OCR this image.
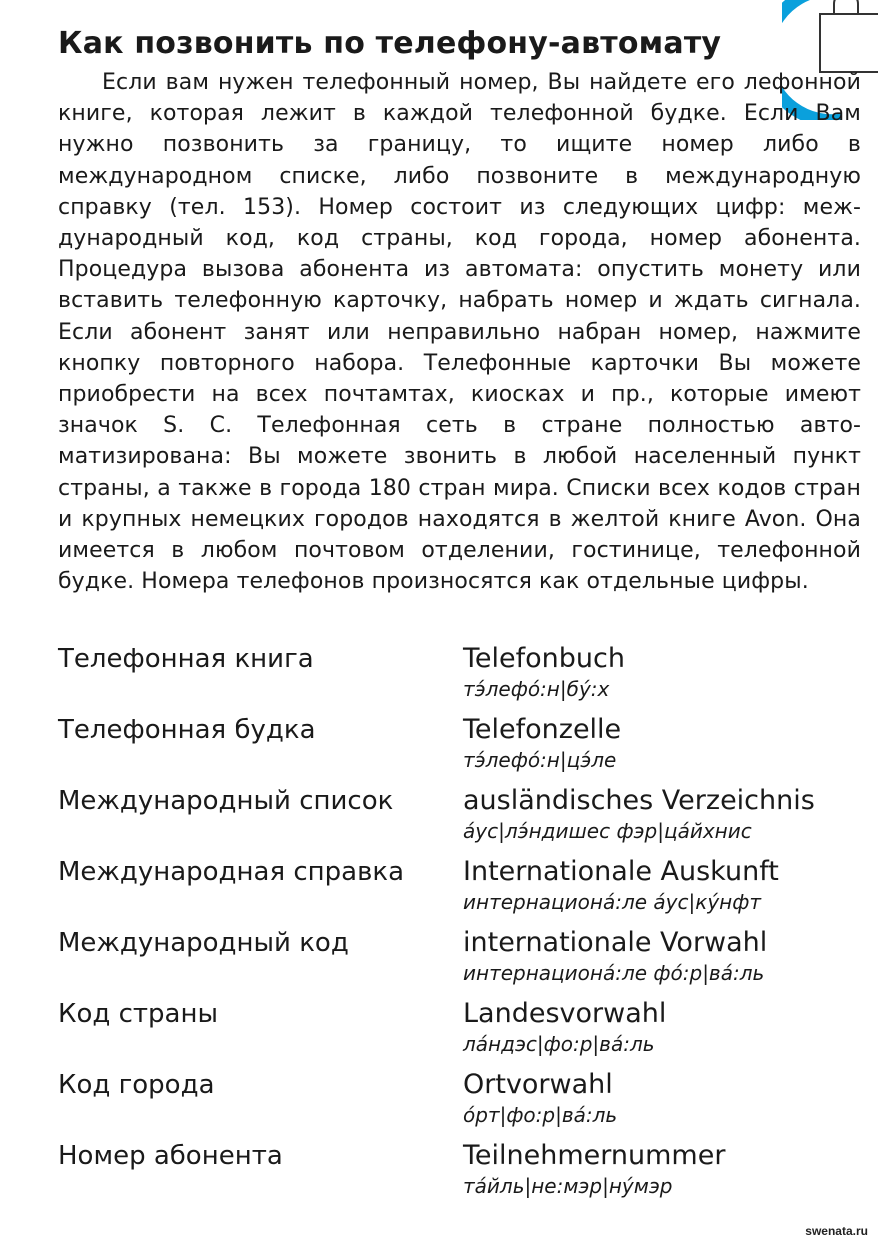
Как позвонить по телефону-автомату

Если вам нужен телефонный номер, Вы найдете его лефонной книге, которая лежит в каждой телефонной будке. Если Вам нужно позвонить за границу, то ищите номер либо в международном списке, либо позвоните в международную справку (тел. 153). Номер состоит из следующих цифр: международный код, код страны, код города, номер абонента. Процедура вызова абонента из автомата: опустить монету или вставить телефонную карточку, набрать номер и ждать сигнала. Если абонент занят или неправильно набран номер, нажмите кнопку повторного набора. Телефонные карточки Вы можете приобрести на всех почтамтах, киосках и пр., которые имеют значок S. C. Телефонная сеть в стране полностью автоматизирована: Вы можете звонить в любой населенный пункт страны, а также в города 180 стран мира. Списки всех кодов стран и крупных немецких городов находятся в желтой книге Avon. Она имеется в любом почтовом отделении, гостинице, телефонной будке. Номера телефонов произносятся как отдельные цифры.

Телефонная книга	Telefonbuch
тэ́лефо́:н|бу́:х
Телефонная будка	Telefonzelle
тэ́лефо́:н|цэ́ле
Международный список	ausländisches Verzeichnis
а́ус|лэ́ндишес фэр|ца́йхнис
Международная справка	Internationale Auskunft
интернациона́:ле а́ус|ку́нфт
Международный код	internationale Vorwahl
интернациона́:ле фо́:р|ва́:ль
Код страны	Landesvorwahl
ла́ндэс|фо:р|ва́:ль
Код города	Ortvorwahl
о́рт|фо:р|ва́:ль
Номер абонента	Teilnehmernummer
та́йль|не:мэр|ну́мэр
swenata.ru
